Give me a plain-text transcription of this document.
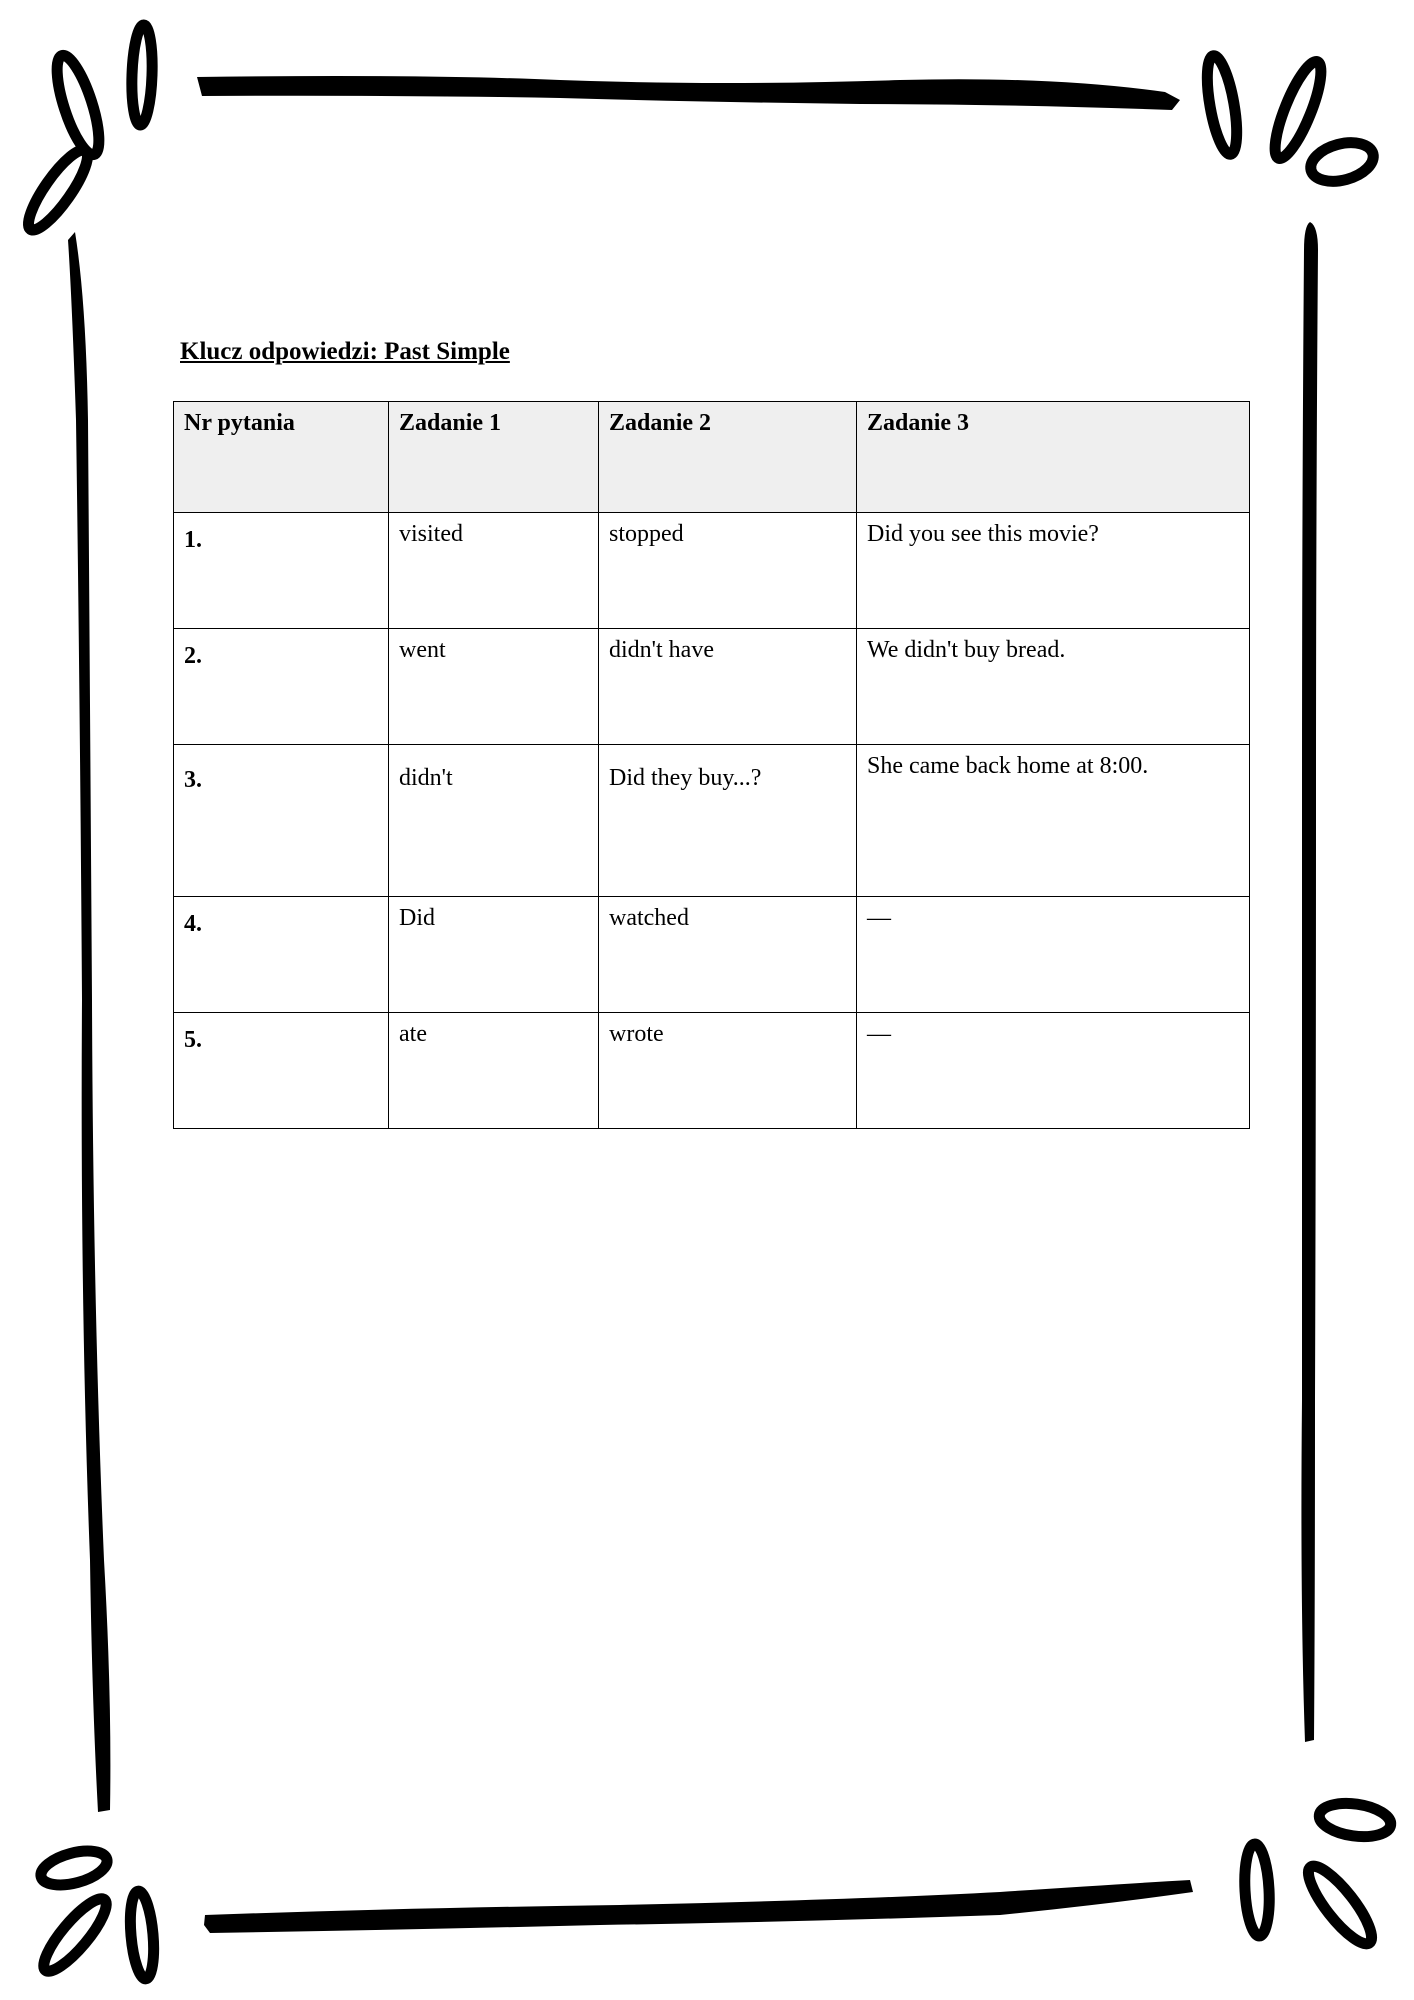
Klucz odpowiedzi: Past Simple
Nr pytania	Zadanie 1	Zadanie 2	Zadanie 3
1.	visited	stopped	Did you see this movie?
2.	went	didn't have	We didn't buy bread.
3.	didn't	Did they buy...?	She came back home at 8:00.
4.	Did	watched	—
5.	ate	wrote	—
